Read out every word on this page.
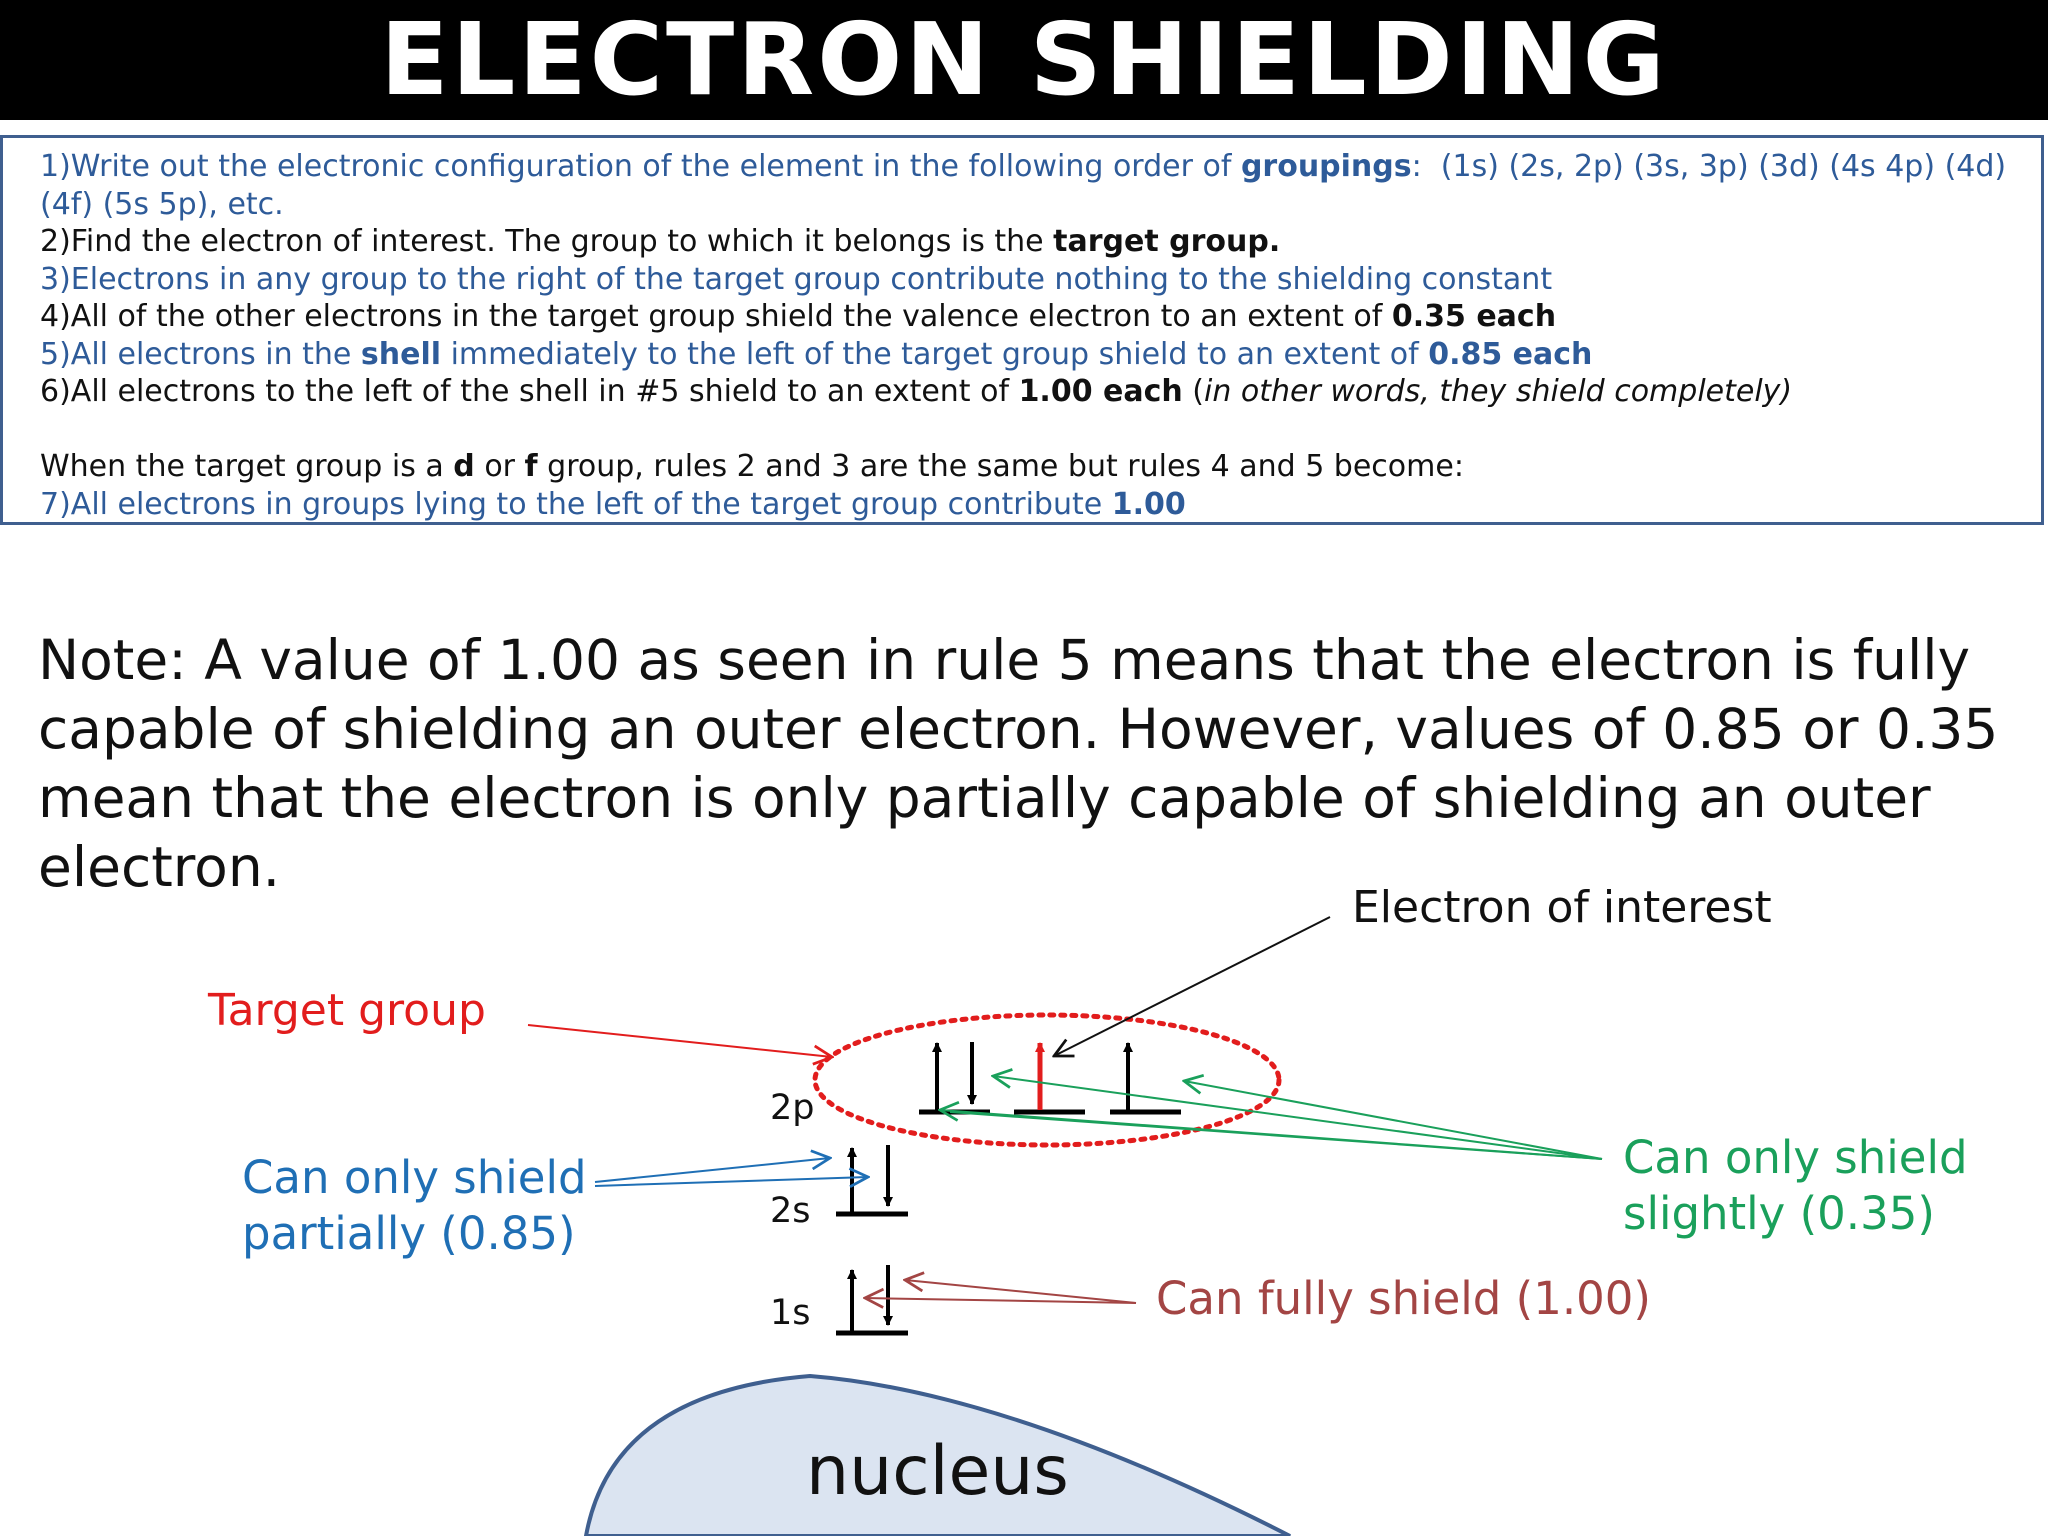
ELECTRON SHIELDING

1)Write out the electronic configuration of the element in the following order of groupings:  (1s) (2s, 2p) (3s, 3p) (3d) (4s 4p) (4d) (4f) (5s 5p), etc.

2)Find the electron of interest. The group to which it belongs is the target group.

3)Electrons in any group to the right of the target group contribute nothing to the shielding constant

4)All of the other electrons in the target group shield the valence electron to an extent of 0.35 each

5)All electrons in the shell immediately to the left of the target group shield to an extent of 0.85 each

6)All electrons to the left of the shell in #5 shield to an extent of 1.00 each (in other words, they shield completely)

When the target group is a d or f group, rules 2 and 3 are the same but rules 4 and 5 become:

7)All electrons in groups lying to the left of the target group contribute 1.00

Note: A value of 1.00 as seen in rule 5 means that the electron is fully capable of shielding an outer electron. However, values of 0.85 or 0.35 mean that the electron is only partially capable of shielding an outer electron.
Electron of interest
Target group
Can only shield
partially (0.85)
Can only shield
slightly (0.35)
Can fully shield (1.00)
2p
2s
1s
nucleus
